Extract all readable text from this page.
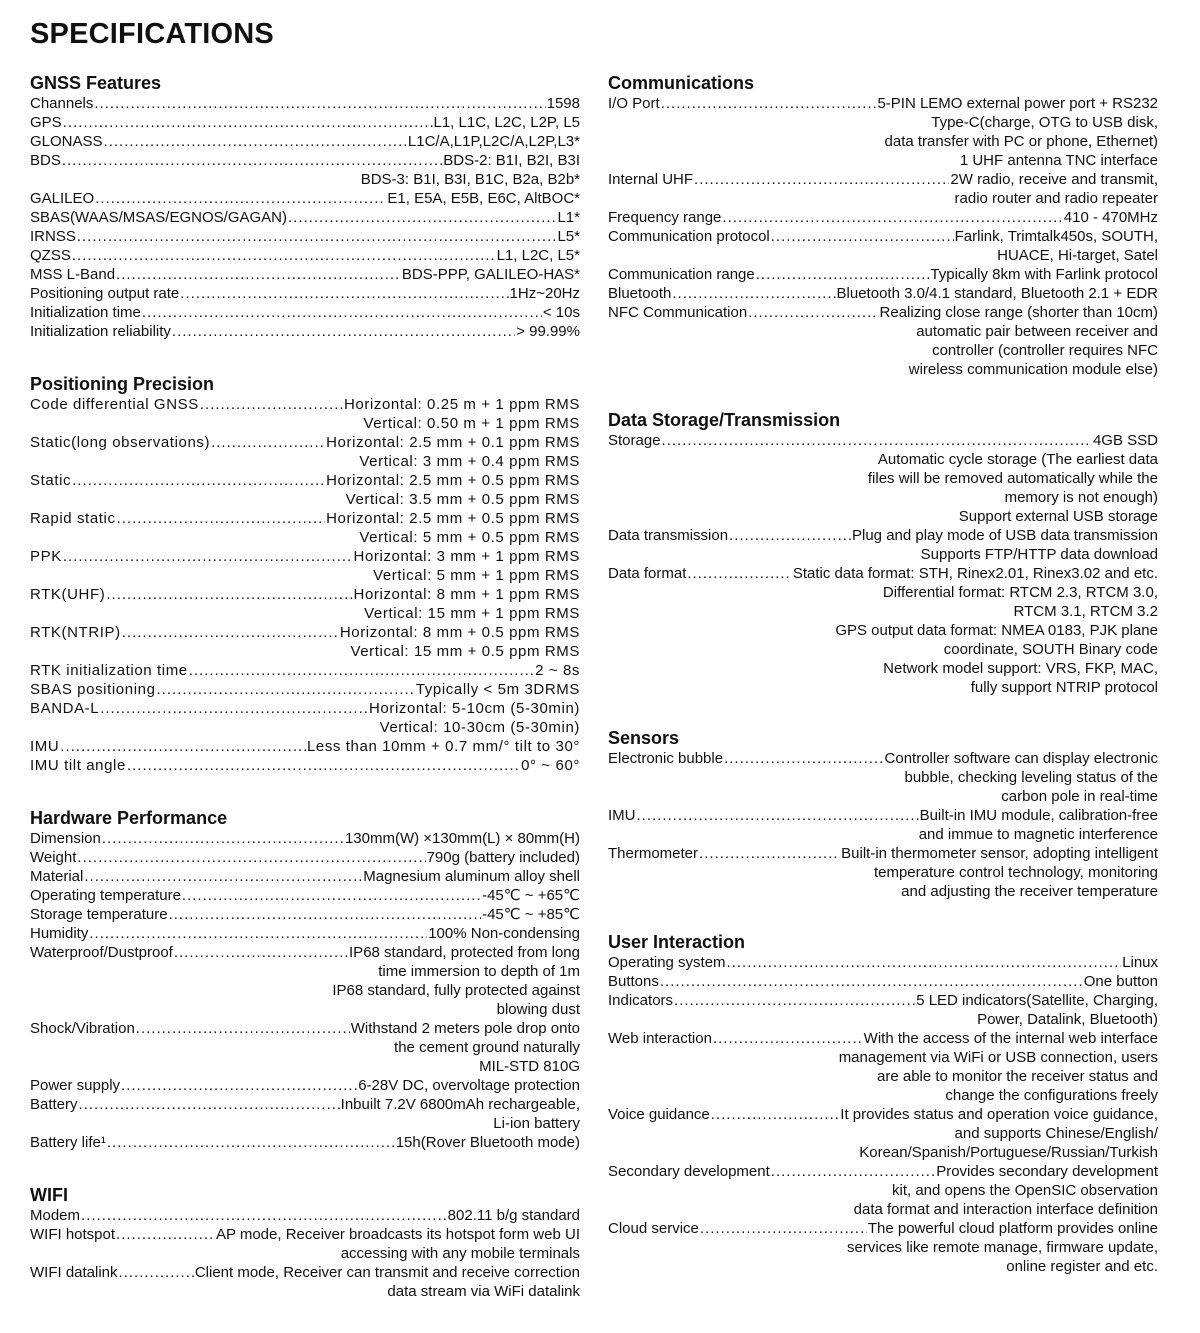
SPECIFICATIONS
GNSS Features
Channels .....	1598
GPS .....	L1, L1C, L2C, L2P, L5
GLONASS .....	L1C/A,L1P,L2C/A,L2P,L3*
BDS .....	BDS-2: B1I, B2I, B3I
BDS-3: B1I, B3I, B1C, B2a, B2b*
GALILEO .....	E1, E5A, E5B, E6C, AltBOC*
SBAS(WAAS/MSAS/EGNOS/GAGAN) .....	L1*
IRNSS .....	L5*
QZSS .....	L1, L2C, L5*
MSS L-Band .....	BDS-PPP, GALILEO-HAS*
Positioning output rate .....	1Hz~20Hz
Initialization time .....	< 10s
Initialization reliability .....	> 99.99%
Positioning Precision
Code differential GNSS .....	Horizontal: 0.25 m + 1 ppm RMS
Vertical: 0.50 m + 1 ppm RMS
Static(long observations) .....	Horizontal: 2.5 mm + 0.1 ppm RMS
Vertical: 3 mm + 0.4 ppm RMS
Static .....	Horizontal: 2.5 mm + 0.5 ppm RMS
Vertical: 3.5 mm + 0.5 ppm RMS
Rapid static .....	Horizontal: 2.5 mm + 0.5 ppm RMS
Vertical: 5 mm + 0.5 ppm RMS
PPK .....	Horizontal: 3 mm + 1 ppm RMS
Vertical: 5 mm + 1 ppm RMS
RTK(UHF) .....	Horizontal: 8 mm + 1 ppm RMS
Vertical: 15 mm + 1 ppm RMS
RTK(NTRIP) .....	Horizontal: 8 mm + 0.5 ppm RMS
Vertical: 15 mm + 0.5 ppm RMS
RTK initialization time .....	2 ~ 8s
SBAS positioning .....	Typically < 5m 3DRMS
BANDA-L .....	Horizontal: 5-10cm (5-30min)
Vertical: 10-30cm (5-30min)
IMU .....	Less than 10mm + 0.7 mm/° tilt to 30°
IMU tilt angle .....	0° ~ 60°
Hardware Performance
Dimension .....	130mm(W) ×130mm(L) × 80mm(H)
Weight .....	790g (battery included)
Material .....	Magnesium aluminum alloy shell
Operating temperature .....	-45℃ ~ +65℃
Storage temperature .....	-45℃ ~ +85℃
Humidity .....	100% Non-condensing
Waterproof/Dustproof .....	IP68 standard, protected from long
time immersion to depth of 1m
IP68 standard, fully protected against
blowing dust
Shock/Vibration .....	Withstand 2 meters pole drop onto
the cement ground naturally
MIL-STD 810G
Power supply .....	6-28V DC, overvoltage protection
Battery .....	Inbuilt 7.2V 6800mAh rechargeable,
Li-ion battery
Battery life¹ .....	15h(Rover Bluetooth mode)
WIFI
Modem .....	802.11 b/g standard
WIFI hotspot .....	AP mode, Receiver broadcasts its hotspot form web UI
accessing with any mobile terminals
WIFI datalink .....	Client mode, Receiver can transmit and receive correction
data stream via WiFi datalink
Communications
I/O Port .....	5-PIN LEMO external power port + RS232
Type-C(charge, OTG to USB disk,
data transfer with PC or phone, Ethernet)
1 UHF antenna TNC interface
Internal UHF .....	2W radio, receive and transmit,
radio router and radio repeater
Frequency range .....	410 - 470MHz
Communication protocol .....	Farlink, Trimtalk450s, SOUTH,
HUACE, Hi-target, Satel
Communication range .....	Typically 8km with Farlink protocol
Bluetooth .....	Bluetooth 3.0/4.1 standard, Bluetooth 2.1 + EDR
NFC Communication .....	Realizing close range (shorter than 10cm)
automatic pair between receiver and
controller (controller requires NFC
wireless communication module else)
Data Storage/Transmission
Storage .....	4GB SSD
Automatic cycle storage (The earliest data
files will be removed automatically while the
memory is not enough)
Support external USB storage
Data transmission .....	Plug and play mode of USB data transmission
Supports FTP/HTTP data download
Data format .....	Static data format: STH, Rinex2.01, Rinex3.02 and etc.
Differential format: RTCM 2.3, RTCM 3.0,
RTCM 3.1, RTCM 3.2
GPS output data format: NMEA 0183, PJK plane
coordinate, SOUTH Binary code
Network model support: VRS, FKP, MAC,
fully support NTRIP protocol
Sensors
Electronic bubble .....	Controller software can display electronic
bubble, checking leveling status of the
carbon pole in real-time
IMU .....	Built-in IMU module, calibration-free
and immue to magnetic interference
Thermometer .....	Built-in thermometer sensor, adopting intelligent
temperature control technology, monitoring
and adjusting the receiver temperature
User Interaction
Operating system .....	Linux
Buttons .....	One button
Indicators .....	5 LED indicators(Satellite, Charging,
Power, Datalink, Bluetooth)
Web interaction .....	With the access of the internal web interface
management via WiFi or USB connection, users
are able to monitor the receiver status and
change the configurations freely
Voice guidance .....	It provides status and operation voice guidance,
and supports Chinese/English/
Korean/Spanish/Portuguese/Russian/Turkish
Secondary development .....	Provides secondary development
kit, and opens the OpenSIC observation
data format and interaction interface definition
Cloud service .....	The powerful cloud platform provides online
services like remote manage, firmware update,
online register and etc.
